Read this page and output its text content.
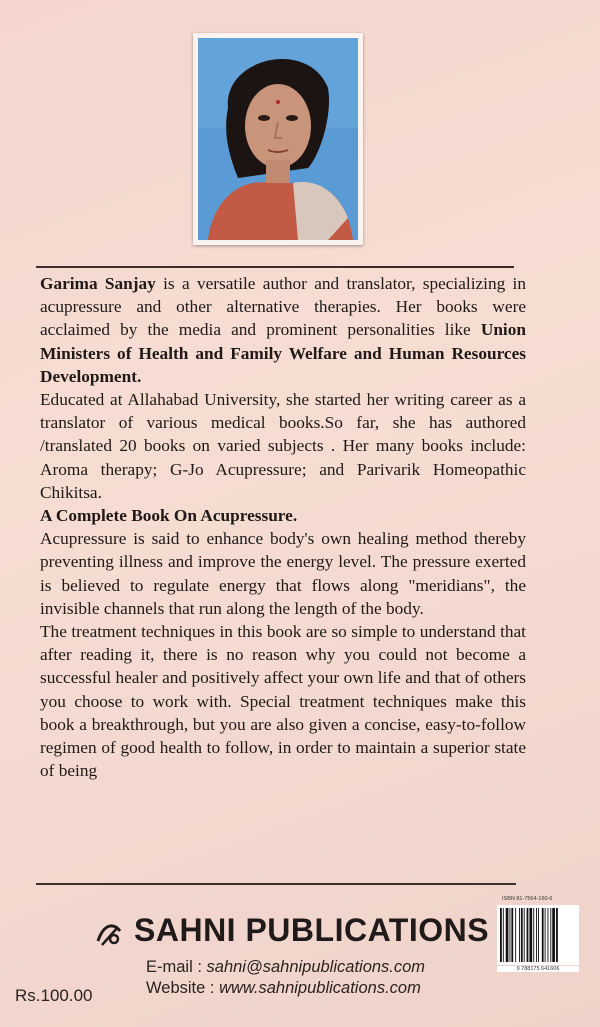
Garima Sanjay is a versatile author and translator, specializing in acupressure and other alternative therapies. Her books were acclaimed by the media and prominent personalities like Union Ministers of Health and Family Welfare and Human Resources Development.

Educated at Allahabad University, she started her writing career as a translator of various medical books.So far, she has authored /translated 20 books on varied subjects . Her many books include: Aroma therapy; G-Jo Acupressure; and Parivarik Homeopathic Chikitsa.

A Complete Book On Acupressure.

Acupressure is said to enhance body's own healing method thereby preventing illness and improve the energy level. The pressure exerted is believed to regulate energy that flows along "meridians", the invisible channels that run along the length of the body.

The treatment techniques in this book are so simple to understand that after reading it, there is no reason why you could not become a successful healer and positively affect your own life and that of others you choose to work with. Special treatment techniques make this book a breakthrough, but you are also given a concise, easy-to-follow regimen of good health to follow, in order to maintain a superior state of being

SAHNI PUBLICATIONS
E-mail : sahni@sahnipublications.com
Website : www.sahnipublications.com
Rs.100.00
ISBN 81-7564-160-6
9 788175 641606
